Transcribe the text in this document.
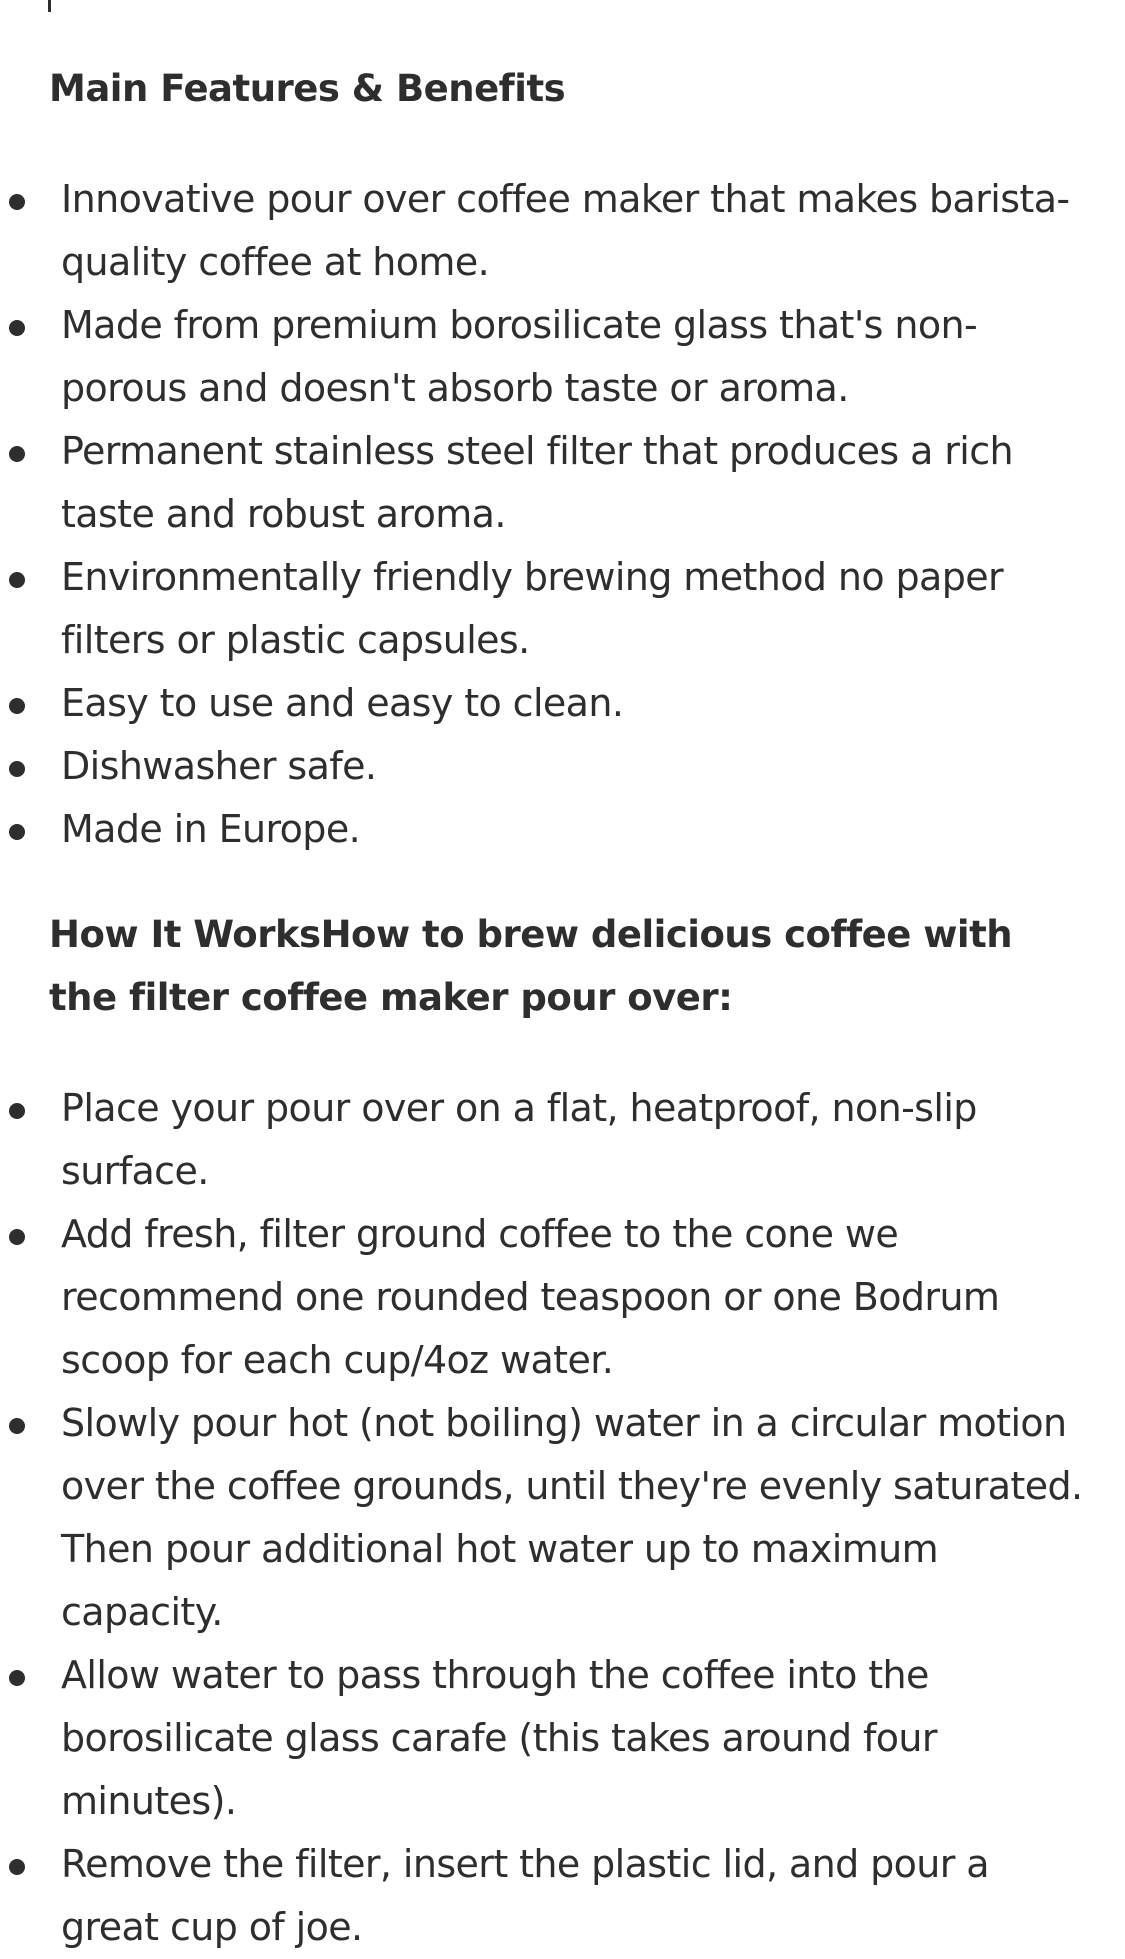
Main Features & Benefits
Innovative pour over coffee maker that makes barista-quality coffee at home.
Made from premium borosilicate glass that's non-porous and doesn't absorb taste or aroma.
Permanent stainless steel filter that produces a rich taste and robust aroma.
Environmentally friendly brewing method no paper filters or plastic capsules.
Easy to use and easy to clean.
Dishwasher safe.
Made in Europe.
How It WorksHow to brew delicious coffee with the filter coffee maker pour over:
Place your pour over on a flat, heatproof, non-slip surface.
Add fresh, filter ground coffee to the cone we recommend one rounded teaspoon or one Bodrum scoop for each cup/4oz water.
Slowly pour hot (not boiling) water in a circular motion over the coffee grounds, until they're evenly saturated. Then pour additional hot water up to maximum capacity.
Allow water to pass through the coffee into the borosilicate glass carafe (this takes around four minutes).
Remove the filter, insert the plastic lid, and pour a great cup of joe.
